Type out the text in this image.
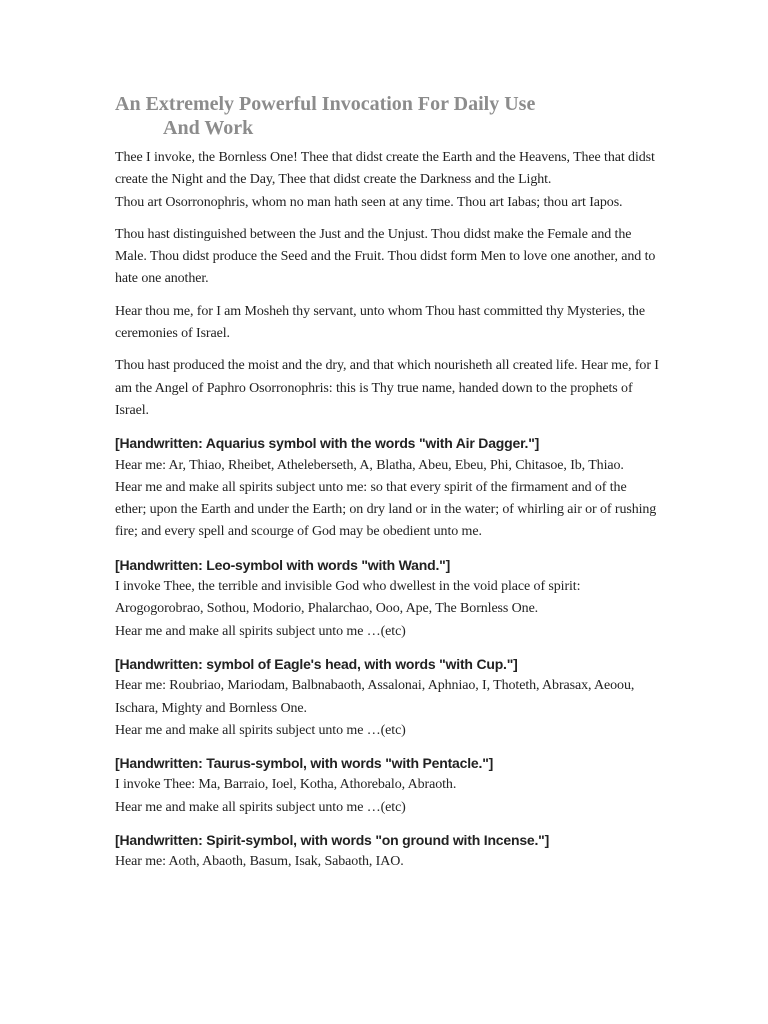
An Extremely Powerful Invocation For Daily Use
And Work

Thee I invoke, the Bornless One! Thee that didst create the Earth and the Heavens, Thee that didst create the Night and the Day, Thee that didst create the Darkness and the Light.

Thou art Osorronophris, whom no man hath seen at any time. Thou art Iabas; thou art Iapos.

Thou hast distinguished between the Just and the Unjust. Thou didst make the Female and the Male. Thou didst produce the Seed and the Fruit. Thou didst form Men to love one another, and to hate one another.

Hear thou me, for I am Mosheh thy servant, unto whom Thou hast committed thy Mysteries, the ceremonies of Israel.

Thou hast produced the moist and the dry, and that which nourisheth all created life. Hear me, for I am the Angel of Paphro Osorronophris: this is Thy true name, handed down to the prophets of Israel.

[Handwritten: Aquarius symbol with the words "with Air Dagger."]

Hear me: Ar, Thiao, Rheibet, Atheleberseth, A, Blatha, Abeu, Ebeu, Phi, Chitasoe, Ib, Thiao.

Hear me and make all spirits subject unto me: so that every spirit of the firmament and of the ether; upon the Earth and under the Earth; on dry land or in the water; of whirling air or of rushing fire; and every spell and scourge of God may be obedient unto me.

[Handwritten: Leo-symbol with words "with Wand."]

I invoke Thee, the terrible and invisible God who dwellest in the void place of spirit: Arogogorobrao, Sothou, Modorio, Phalarchao, Ooo, Ape, The Bornless One.

Hear me and make all spirits subject unto me …(etc)

[Handwritten: symbol of Eagle's head, with words "with Cup."]

Hear me: Roubriao, Mariodam, Balbnabaoth, Assalonai, Aphniao, I, Thoteth, Abrasax, Aeoou, Ischara, Mighty and Bornless One.

Hear me and make all spirits subject unto me …(etc)

[Handwritten: Taurus-symbol, with words "with Pentacle."]

I invoke Thee: Ma, Barraio, Ioel, Kotha, Athorebalo, Abraoth.

Hear me and make all spirits subject unto me …(etc)

[Handwritten: Spirit-symbol, with words "on ground with Incense."]

Hear me: Aoth, Abaoth, Basum, Isak, Sabaoth, IAO.
